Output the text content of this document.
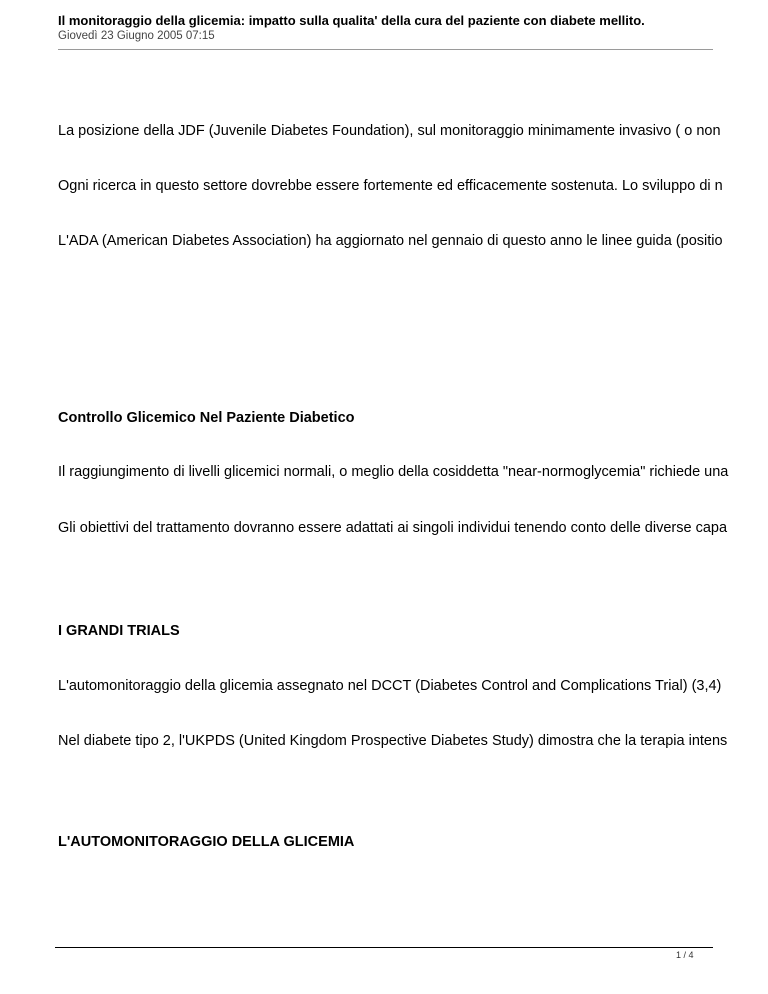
Il monitoraggio della glicemia: impatto sulla qualita' della cura del paziente con diabete mellito.
Giovedì 23 Giugno 2005 07:15
La posizione della JDF (Juvenile Diabetes Foundation), sul monitoraggio minimamente invasivo ( o non
Ogni ricerca in questo settore dovrebbe essere fortemente ed efficacemente sostenuta. Lo sviluppo di n
L'ADA (American Diabetes Association) ha aggiornato nel gennaio di questo anno le linee guida (positio
Controllo Glicemico Nel Paziente Diabetico
Il raggiungimento di livelli glicemici normali, o meglio della cosiddetta "near-normoglycemia" richiede una
Gli obiettivi del trattamento dovranno essere adattati ai singoli individui tenendo conto delle diverse capa
I GRANDI TRIALS
L'automonitoraggio della glicemia assegnato nel DCCT (Diabetes Control and Complications Trial) (3,4)
Nel diabete tipo 2, l'UKPDS (United Kingdom Prospective Diabetes Study) dimostra che la terapia intens
L'AUTOMONITORAGGIO DELLA GLICEMIA
1 / 4
